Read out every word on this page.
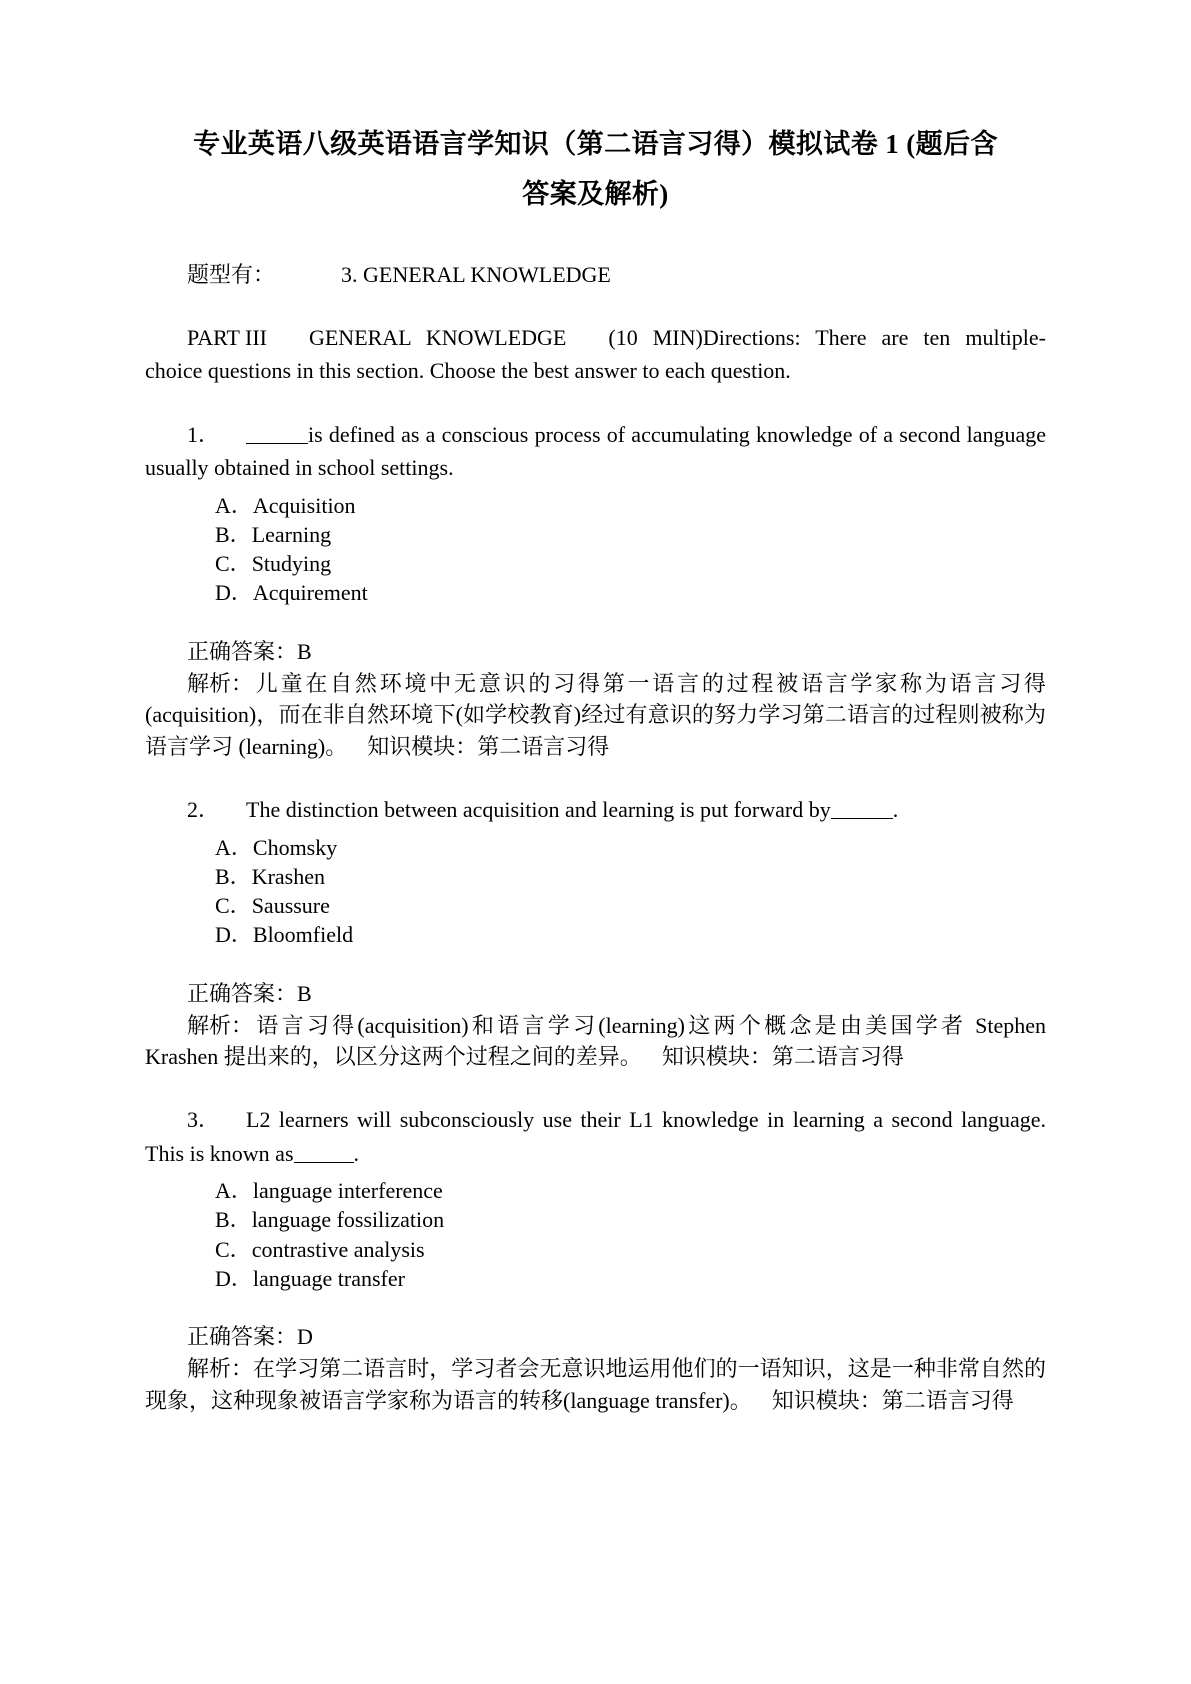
专业英语八级英语语言学知识（第二语言习得）模拟试卷 1 (题后含
答案及解析)
题型有：	3. GENERAL KNOWLEDGE
PART III GENERAL KNOWLEDGE (10 MIN)Directions: There are ten multiple-choice questions in this section. Choose the best answer to each question.
1．	is defined as a conscious process of accumulating knowledge of a second language usually obtained in school settings.
A．Acquisition
B．Learning
C．Studying
D．Acquirement
正确答案：B
解析：儿童在自然环境中无意识的习得第一语言的过程被语言学家称为语言习得(acquisition)，而在非自然环境下(如学校教育)经过有意识的努力学习第二语言的过程则被称为语言学习 (learning)。 知识模块：第二语言习得
2． The distinction between acquisition and learning is put forward by	.
A．Chomsky
B．Krashen
C．Saussure
D．Bloomfield
正确答案：B
解析：语言习得(acquisition)和语言学习(learning)这两个概念是由美国学者 Stephen Krashen 提出来的，以区分这两个过程之间的差异。 知识模块：第二语言习得
3． L2 learners will subconsciously use their L1 knowledge in learning a second language. This is known as	.
A．language interference
B．language fossilization
C．contrastive analysis
D．language transfer
正确答案：D
解析：在学习第二语言时，学习者会无意识地运用他们的一语知识，这是一种非常自然的现象，这种现象被语言学家称为语言的转移(language transfer)。 知识模块：第二语言习得
